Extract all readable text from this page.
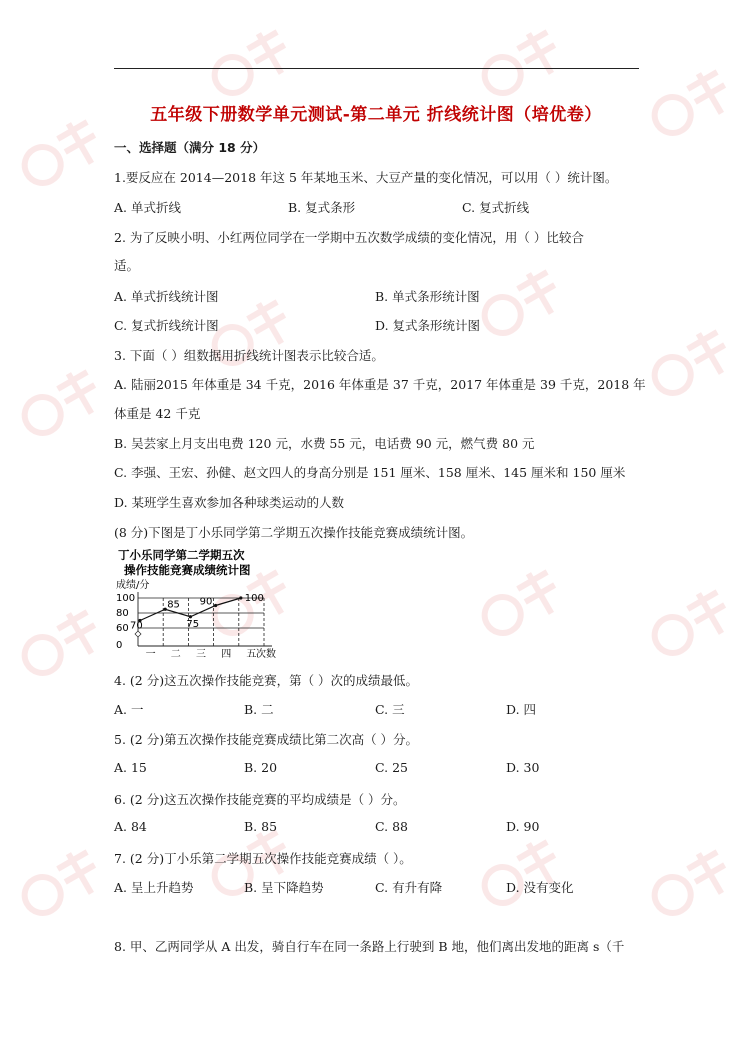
五年级下册数学单元测试-第二单元 折线统计图（培优卷）
一、选择题（满分 18 分）
1.要反应在 2014—2018 年这 5 年某地玉米、大豆产量的变化情况，可以用（ ）统计图。
A. 单式折线	B. 复式条形	C. 复式折线
2. 为了反映小明、小红两位同学在一学期中五次数学成绩的变化情况，用（ ）比较合
适。
A. 单式折线统计图	B. 单式条形统计图
C. 复式折线统计图	D. 复式条形统计图
3. 下面（ ）组数据用折线统计图表示比较合适。
A. 陆丽2015 年体重是 34 千克，2016 年体重是 37 千克，2017 年体重是 39 千克，2018 年
体重是 42 千克
B. 吴芸家上月支出电费 120 元，水费 55 元，电话费 90 元，燃气费 80 元
C. 李强、王宏、孙健、赵文四人的身高分别是 151 厘米、158 厘米、145 厘米和 150 厘米
D. 某班学生喜欢参加各种球类运动的人数
(8 分)下图是丁小乐同学第二学期五次操作技能竞赛成绩统计图。
丁小乐同学第二学期五次
操作技能竞赛成绩统计图
成绩/分
100
80
60
0
70
85
75
90	100
一 二 三 四 五 次数
4. (2 分)这五次操作技能竞赛，第（ ）次的成绩最低。
A. 一	B. 二	C. 三	D. 四
5. (2 分)第五次操作技能竞赛成绩比第二次高（ ）分。
A. 15	B. 20	C. 25	D. 30
6. (2 分)这五次操作技能竞赛的平均成绩是（ ）分。
A. 84	B. 85	C. 88	D. 90
7. (2 分)丁小乐第二学期五次操作技能竞赛成绩（ ）。
A. 呈上升趋势	B. 呈下降趋势	C. 有升有降	D. 没有变化
8. 甲、乙两同学从 A 出发，骑自行车在同一条路上行驶到 B 地，他们离出发地的距离 s（千
